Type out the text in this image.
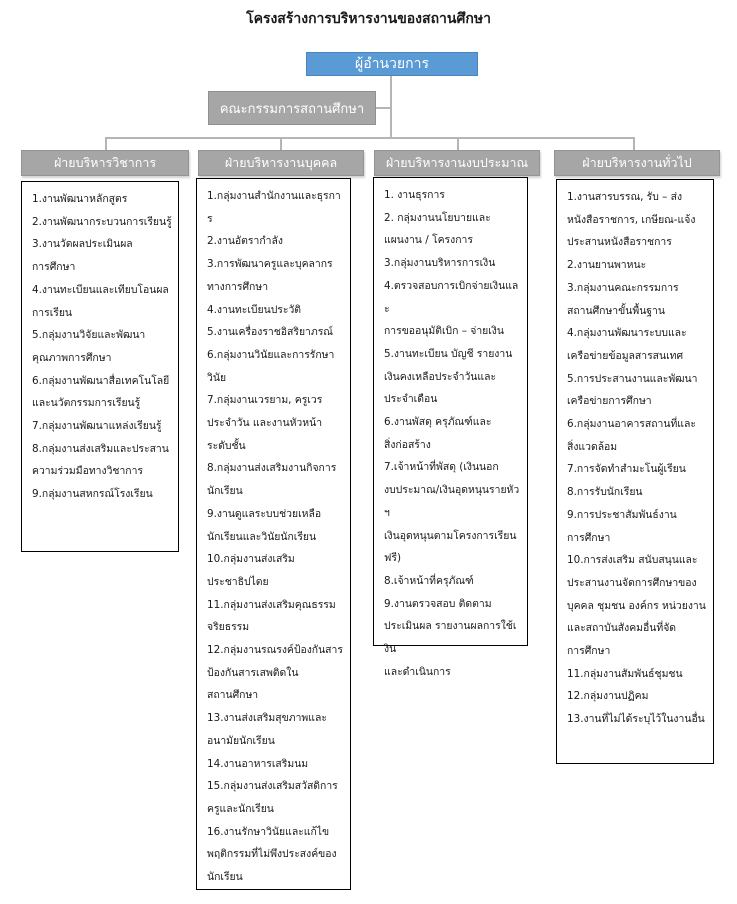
โครงสร้างการบริหารงานของสถานศึกษา
ผู้อำนวยการ
คณะกรรมการสถานศึกษา
ฝ่ายบริหารวิชาการ	ฝ่ายบริหารงานบุคคล	ฝ่ายบริหารงานงบประมาณ	ฝ่ายบริหารงานทั่วไป
1.งานพัฒนาหลักสูตร
2.งานพัฒนากระบวนการเรียนรู้
3.งานวัดผลประเมินผล
การศึกษา
4.งานทะเบียนและเทียบโอนผล
การเรียน
5.กลุ่มงานวิจัยและพัฒนา
คุณภาพการศึกษา
6.กลุ่มงานพัฒนาสื่อเทคโนโลยี
และนวัตกรรมการเรียนรู้
7.กลุ่มงานพัฒนาแหล่งเรียนรู้
8.กลุ่มงานส่งเสริมและประสาน
ความร่วมมือทางวิชาการ
9.กลุ่มงานสหกรณ์โรงเรียน
1.กลุ่มงานสำนักงานและธุรการ
2.งานอัตรากำลัง
3.การพัฒนาครูและบุคลากร
ทางการศึกษา
4.งานทะเบียนประวัติ
5.งานเครื่องราชอิสริยาภรณ์
6.กลุ่มงานวินัยและการรักษา
วินัย
7.กลุ่มงานเวรยาม, ครูเวร
ประจำวัน และงานหัวหน้า
ระดับชั้น
8.กลุ่มงานส่งเสริมงานกิจการ
นักเรียน
9.งานดูแลระบบช่วยเหลือ
นักเรียนและวินัยนักเรียน
10.กลุ่มงานส่งเสริม
ประชาธิปไตย
11.กลุ่มงานส่งเสริมคุณธรรม
จริยธรรม
12.กลุ่มงานรณรงค์ป้องกันสาร
ป้องกันสารเสพติดใน
สถานศึกษา
13.งานส่งเสริมสุขภาพและ
อนามัยนักเรียน
14.งานอาหารเสริมนม
15.กลุ่มงานส่งเสริมสวัสดิการ
ครูและนักเรียน
16.งานรักษาวินัยและแก้ไข
พฤติกรรมที่ไม่พึงประสงค์ของ
นักเรียน
1. งานธุรการ
2. กลุ่มงานนโยบายและ
แผนงาน / โครงการ
3.กลุ่มงานบริหารการเงิน
4.ตรวจสอบการเบิกจ่ายเงินและ
การขออนุมัติเบิก – จ่ายเงิน
5.งานทะเบียน บัญชี รายงาน
เงินคงเหลือประจำวันและ
ประจำเดือน
6.งานพัสดุ ครุภัณฑ์และ
สิ่งก่อสร้าง
7.เจ้าหน้าที่พัสดุ (เงินนอก
งบประมาณ/เงินอุดหนุนรายหัวฯ
เงินอุดหนุนตามโครงการเรียน
ฟรี)
8.เจ้าหน้าที่ครุภัณฑ์
9.งานตรวจสอบ ติดตาม
ประเมินผล รายงานผลการใช้เงิน
และดำเนินการ
1.งานสารบรรณ, รับ – ส่ง
หนังสือราชการ, เกษียณ-แจ้ง
ประสานหนังสือราชการ
2.งานยานพาหนะ
3.กลุ่มงานคณะกรรมการ
สถานศึกษาขั้นพื้นฐาน
4.กลุ่มงานพัฒนาระบบและ
เครือข่ายข้อมูลสารสนเทศ
5.การประสานงานและพัฒนา
เครือข่ายการศึกษา
6.กลุ่มงานอาคารสถานที่และ
สิ่งแวดล้อม
7.การจัดทำสำมะโนผู้เรียน
8.การรับนักเรียน
9.การประชาสัมพันธ์งาน
การศึกษา
10.การส่งเสริม สนับสนุนและ
ประสานงานจัดการศึกษาของ
บุคคล ชุมชน องค์กร หน่วยงาน
และสถาบันสังคมอื่นที่จัด
การศึกษา
11.กลุ่มงานสัมพันธ์ชุมชน
12.กลุ่มงานปฏิคม
13.งานที่ไม่ได้ระบุไว้ในงานอื่น
